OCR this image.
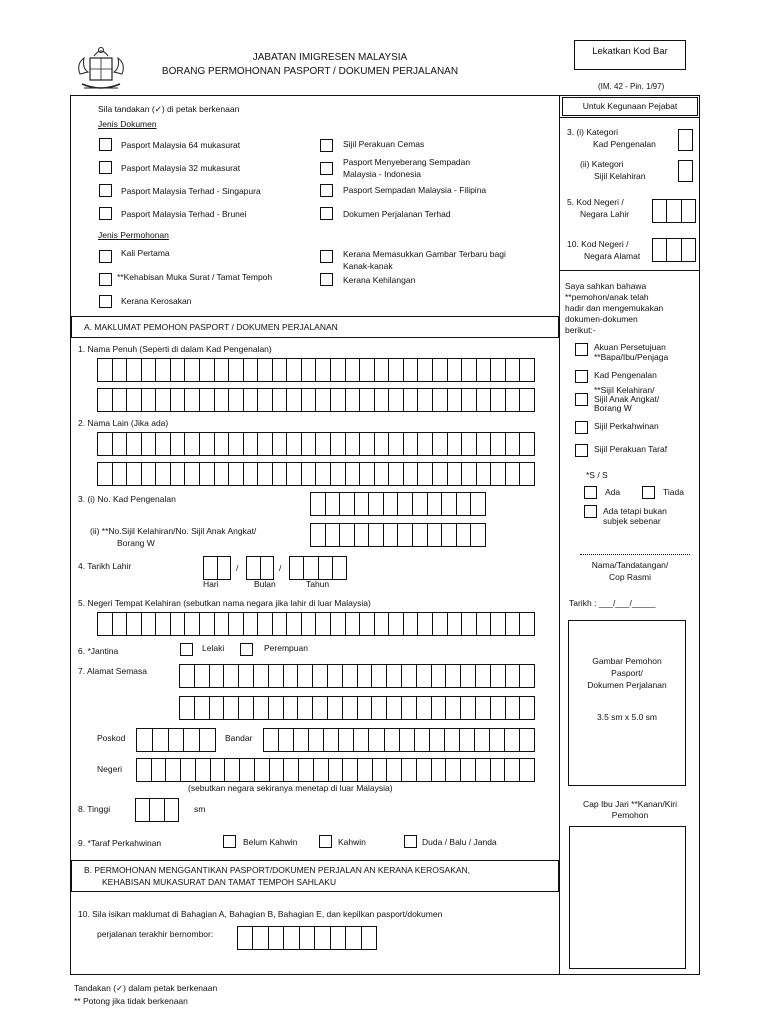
JABATAN IMIGRESEN MALAYSIA
BORANG PERMOHONAN PASPORT / DOKUMEN PERJALANAN
Lekatkan Kod Bar
(IM. 42 - Pin. 1/97)
Untuk Kegunaan Pejabat
Sila tandakan (✓) di petak berkenaan
Jenis Dokumen
Pasport Malaysia 64 mukasurat
Pasport Malaysia 32 mukasurat
Pasport Malaysia Terhad - Singapura
Pasport Malaysia Terhad - Brunei
Sijil Perakuan Cemas
Pasport Menyeberang Sempadan
Malaysia - Indonesia
Pasport Sempadan Malaysia - Filipina
Dokumen Perjalanan Terhad
Jenis Permohonan
Kali Pertama
**Kehabisan Muka Surat / Tamat Tempoh
Kerana Kerosakan
Kerana Memasukkan Gambar Terbaru bagi
Kanak-kanak
Kerana Kehilangan
A. MAKLUMAT PEMOHON PASPORT / DOKUMEN PERJALANAN
1. Nama Penuh (Seperti di dalam Kad Pengenalan)
2. Nama Lain (Jika ada)
3. (i) No. Kad Pengenalan
(ii) **No.Sijil Kelahiran/No. Sijil Anak Angkat/
Borang W
4. Tarikh Lahir	/	/
Hari	Bulan	Tahun
5. Negeri Tempat Kelahiran (sebutkan nama negara jika lahir di luar Malaysia)
6. *Jantina	Lelaki	Perempuan
7. Alamat Semasa
Poskod	Bandar
Negeri
(sebutkan negara sekiranya menetap di luar Malaysia)
8. Tinggi	sm
9. *Taraf Perkahwinan	Belum Kahwin	Kahwin	Duda / Balu / Janda
B. PERMOHONAN MENGGANTIKAN PASPORT/DOKUMEN PERJALAN AN KERANA KEROSAKAN,
KEHABISAN MUKASURAT DAN TAMAT TEMPOH SAHLAKU
10. Sila isikan maklumat di Bahagian A, Bahagian B, Bahagian E, dan kepilkan pasport/dokumen
perjalanan terakhir bernombor:
3. (i) Kategori
Kad Pengenalan
(ii) Kategori
Sijil Kelahiran
5. Kod Negeri /
Negara Lahir
10. Kod Negeri /
Negara Alamat
Saya sahkan bahawa
**pemohon/anak telah
hadir dan mengemukakan
dokumen-dokumen
berikut:-
Akuan Persetujuan
**Bapa/Ibu/Penjaga
Kad Pengenalan
**Sijil Kelahiran/
Sijil Anak Angkat/
Borang W
Sijil Perkahwinan
Sijil Perakuan Taraf
*S / S
Ada	Tiada
Ada tetapi bukan
subjek sebenar
Nama/Tandatangan/
Cop Rasmi
Tarikh : ___/___/_____
Gambar Pemohon
Pasport/
Dokumen Perjalanan
3.5 sm x 5.0 sm
Cap Ibu Jari **Kanan/Kiri
Pemohon
Tandakan (✓) dalam petak berkenaan
** Potong jika tidak berkenaan
